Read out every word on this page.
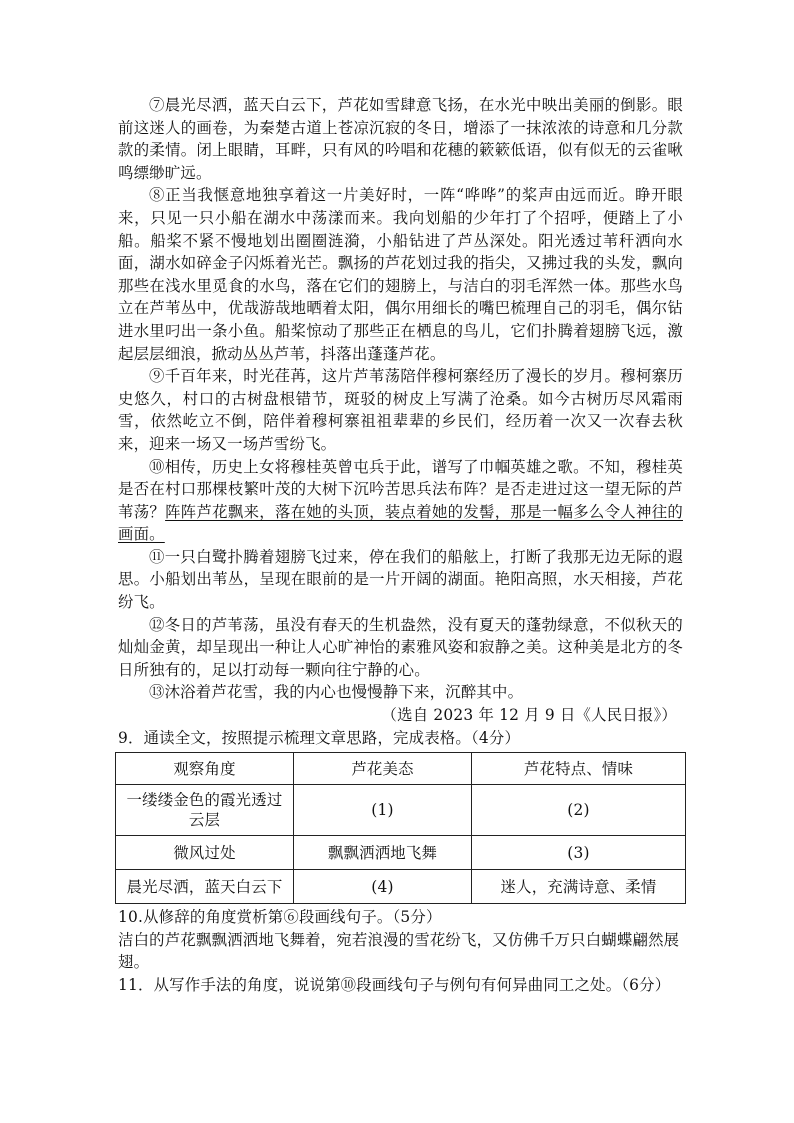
⑦晨光尽洒，蓝天白云下，芦花如雪肆意飞扬，在水光中映出美丽的倒影。眼前这迷人的画卷，为秦楚古道上苍凉沉寂的冬日，增添了一抹浓浓的诗意和几分款款的柔情。闭上眼睛，耳畔，只有风的吟唱和花穗的簌簌低语，似有似无的云雀啾鸣缥缈旷远。

⑧正当我惬意地独享着这一片美好时，一阵“哗哗”的桨声由远而近。睁开眼来，只见一只小船在湖水中荡漾而来。我向划船的少年打了个招呼，便踏上了小船。船桨不紧不慢地划出圈圈涟漪，小船钻进了芦丛深处。阳光透过苇秆洒向水面，湖水如碎金子闪烁着光芒。飘扬的芦花划过我的指尖，又拂过我的头发，飘向那些在浅水里觅食的水鸟，落在它们的翅膀上，与洁白的羽毛浑然一体。那些水鸟立在芦苇丛中，优哉游哉地晒着太阳，偶尔用细长的嘴巴梳理自己的羽毛，偶尔钻进水里叼出一条小鱼。船桨惊动了那些正在栖息的鸟儿，它们扑腾着翅膀飞远，激起层层细浪，掀动丛丛芦苇，抖落出蓬蓬芦花。

⑨千百年来，时光荏苒，这片芦苇荡陪伴穆柯寨经历了漫长的岁月。穆柯寨历史悠久，村口的古树盘根错节，斑驳的树皮上写满了沧桑。如今古树历尽风霜雨雪，依然屹立不倒，陪伴着穆柯寨祖祖辈辈的乡民们，经历着一次又一次春去秋来，迎来一场又一场芦雪纷飞。

⑩相传，历史上女将穆桂英曾屯兵于此，谱写了巾帼英雄之歌。不知，穆桂英是否在村口那棵枝繁叶茂的大树下沉吟苦思兵法布阵？是否走进过这一望无际的芦苇荡？阵阵芦花飘来，落在她的头顶，装点着她的发髻，那是一幅多么令人神往的画面。

⑪一只白鹭扑腾着翅膀飞过来，停在我们的船舷上，打断了我那无边无际的遐思。小船划出苇丛，呈现在眼前的是一片开阔的湖面。艳阳高照，水天相接，芦花纷飞。

⑫冬日的芦苇荡，虽没有春天的生机盎然，没有夏天的蓬勃绿意，不似秋天的灿灿金黄，却呈现出一种让人心旷神怡的素雅风姿和寂静之美。这种美是北方的冬日所独有的，足以打动每一颗向往宁静的心。

⑬沐浴着芦花雪，我的内心也慢慢静下来，沉醉其中。

（选自 2023 年 12 月 9 日《人民日报》）

9．通读全文，按照提示梳理文章思路，完成表格。（4分）

观察角度	芦花美态	芦花特点、情味
一缕缕金色的霞光透过云层	(1)	(2)
微风过处	飘飘洒洒地飞舞	(3)
晨光尽洒，蓝天白云下	(4)	迷人，充满诗意、柔情

10.从修辞的角度赏析第⑥段画线句子。（5分）

洁白的芦花飘飘洒洒地飞舞着，宛若浪漫的雪花纷飞，又仿佛千万只白蝴蝶翩然展翅。

11．从写作手法的角度，说说第⑩段画线句子与例句有何异曲同工之处。（6分）
